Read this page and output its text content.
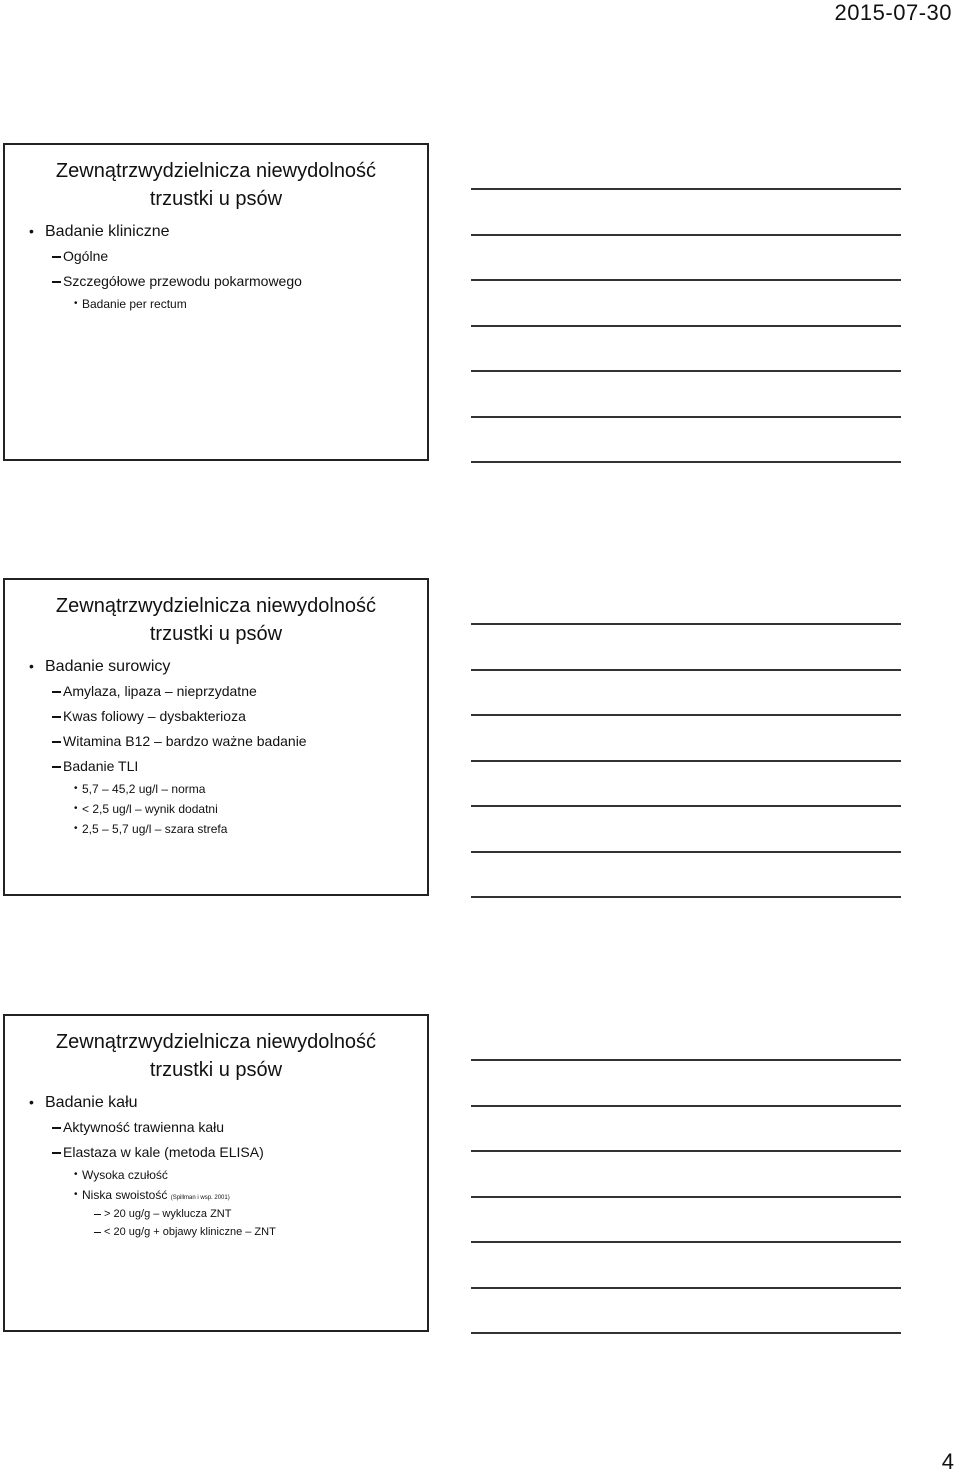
2015-07-30
Zewnątrzwydzielnicza niewydolność
trzustki u psów
• Badanie kliniczne
Ogólne
Szczegółowe przewodu pokarmowego
• Badanie per rectum
Zewnątrzwydzielnicza niewydolność
trzustki u psów
• Badanie surowicy
Amylaza, lipaza – nieprzydatne
Kwas foliowy – dysbakterioza
Witamina B12 – bardzo ważne badanie
Badanie TLI
• 5,7 – 45,2 ug/l – norma
• < 2,5 ug/l – wynik dodatni
• 2,5 – 5,7 ug/l – szara strefa
Zewnątrzwydzielnicza niewydolność
trzustki u psów
• Badanie kału
Aktywność trawienna kału
Elastaza w kale (metoda ELISA)
• Wysoka czułość
• Niska swoistość (Spillman i wsp. 2001)
> 20 ug/g – wyklucza ZNT
< 20 ug/g + objawy kliniczne – ZNT
4
